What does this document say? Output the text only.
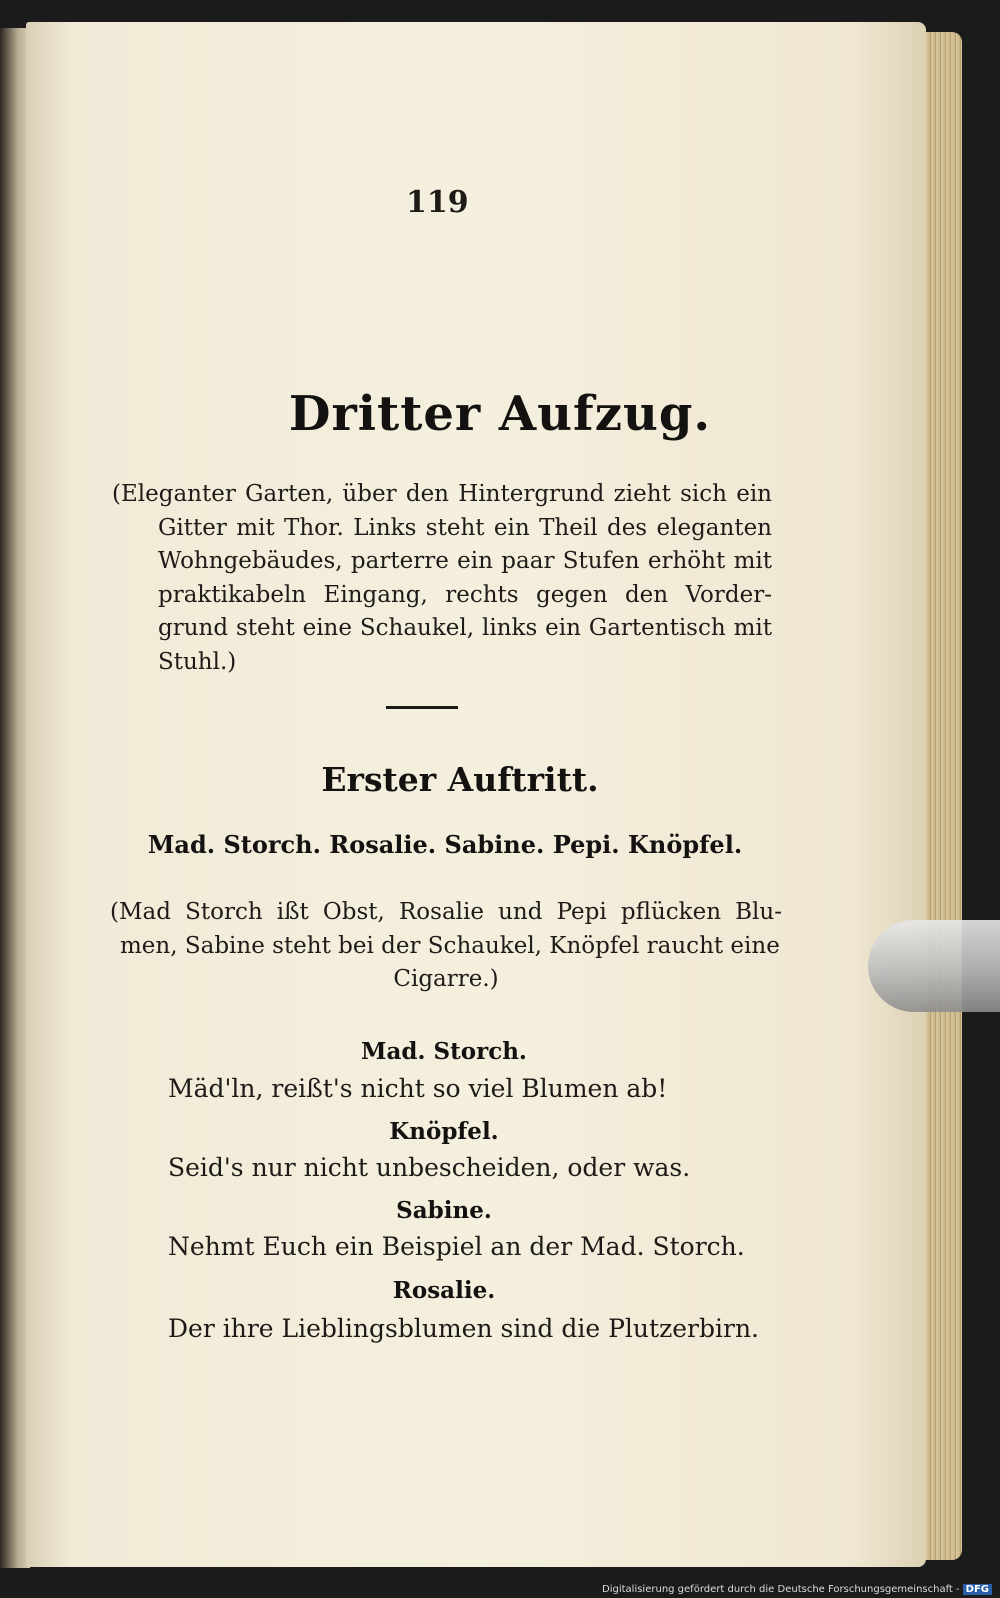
119
Dritter Aufzug.
(Eleganter Garten, über den Hintergrund zieht sich ein Gitter mit Thor. Links steht ein Theil des eleganten Wohngebäudes, parterre ein paar Stufen erhöht mit praktikabeln Eingang, rechts gegen den Vorder- grund steht eine Schaukel, links ein Gartentisch mit Stuhl.)
Erster Auftritt.
Mad. Storch. Rosalie. Sabine. Pepi. Knöpfel.
(Mad Storch ißt Obst, Rosalie und Pepi pflücken Blu- men, Sabine steht bei der Schaukel, Knöpfel raucht eine
Cigarre.)
Mad. Storch.
Mäd'ln, reißt's nicht so viel Blumen ab!
Knöpfel.
Seid's nur nicht unbescheiden, oder was.
Sabine.
Nehmt Euch ein Beispiel an der Mad. Storch.
Rosalie.
Der ihre Lieblingsblumen sind die Plutzerbirn.
Digitalisierung gefördert durch die Deutsche Forschungsgemeinschaft - DFG
